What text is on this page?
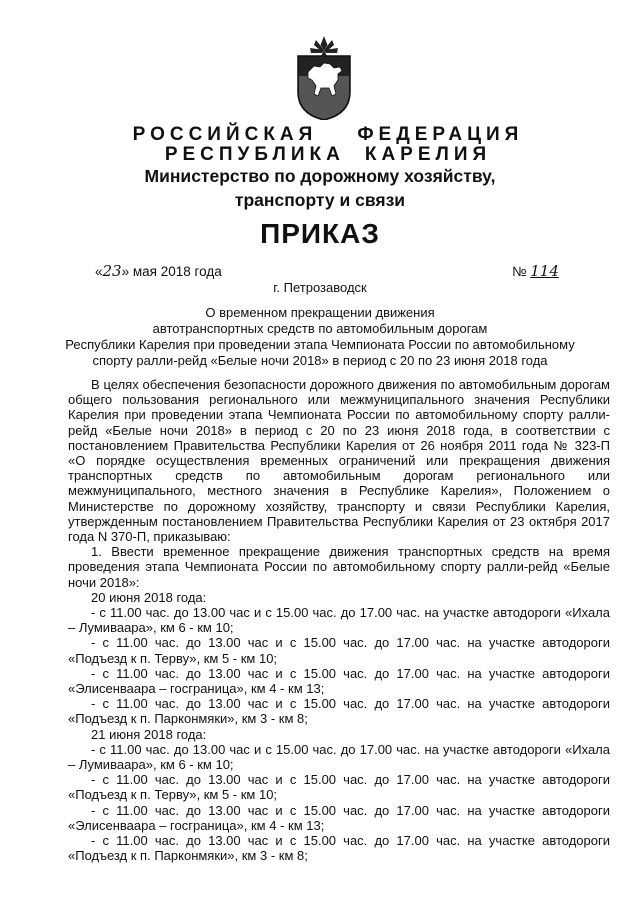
РОССИЙСКАЯ ФЕДЕРАЦИЯ
РЕСПУБЛИКА КАРЕЛИЯ
Министерство по дорожному хозяйству,
транспорту и связи
ПРИКАЗ
«23» мая 2018 года	№ 114
г. Петрозаводск
О временном прекращении движения
автотранспортных средств по автомобильным дорогам
Республики Карелия при проведении этапа Чемпионата России по автомобильному
спорту ралли-рейд «Белые ночи 2018» в период с 20 по 23 июня 2018 года

В целях обеспечения безопасности дорожного движения по автомобильным дорогам общего пользования регионального или межмуниципального значения Республики Карелия при проведении этапа Чемпионата России по автомобильному спорту ралли-рейд «Белые ночи 2018» в период с 20 по 23 июня 2018 года, в соответствии с постановлением Правительства Республики Карелия от 26 ноября 2011 года № 323-П «О порядке осуществления временных ограничений или прекращения движения транспортных средств по автомобильным дорогам регионального или межмуниципального, местного значения в Республике Карелия», Положением о Министерстве по дорожному хозяйству, транспорту и связи Республики Карелия, утвержденным постановлением Правительства Республики Карелия от 23 октября 2017 года N 370-П, приказываю:

1. Ввести временное прекращение движения транспортных средств на время проведения этапа Чемпионата России по автомобильному спорту ралли-рейд «Белые ночи 2018»:

20 июня 2018 года:

- с 11.00 час. до 13.00 час и с 15.00 час. до 17.00 час. на участке автодороги «Ихала – Лумиваара», км 6 - км 10;

- с 11.00 час. до 13.00 час и с 15.00 час. до 17.00 час. на участке автодороги «Подъезд к п. Терву», км 5 - км 10;

- с 11.00 час. до 13.00 час и с 15.00 час. до 17.00 час. на участке автодороги «Элисенваара – госграница», км 4 - км 13;

- с 11.00 час. до 13.00 час и с 15.00 час. до 17.00 час. на участке автодороги «Подъезд к п. Парконмяки», км 3 - км 8;

21 июня 2018 года:

- с 11.00 час. до 13.00 час и с 15.00 час. до 17.00 час. на участке автодороги «Ихала – Лумиваара», км 6 - км 10;

- с 11.00 час. до 13.00 час и с 15.00 час. до 17.00 час. на участке автодороги «Подъезд к п. Терву», км 5 - км 10;

- с 11.00 час. до 13.00 час и с 15.00 час. до 17.00 час. на участке автодороги «Элисенваара – госграница», км 4 - км 13;

- с 11.00 час. до 13.00 час и с 15.00 час. до 17.00 час. на участке автодороги «Подъезд к п. Парконмяки», км 3 - км 8;
